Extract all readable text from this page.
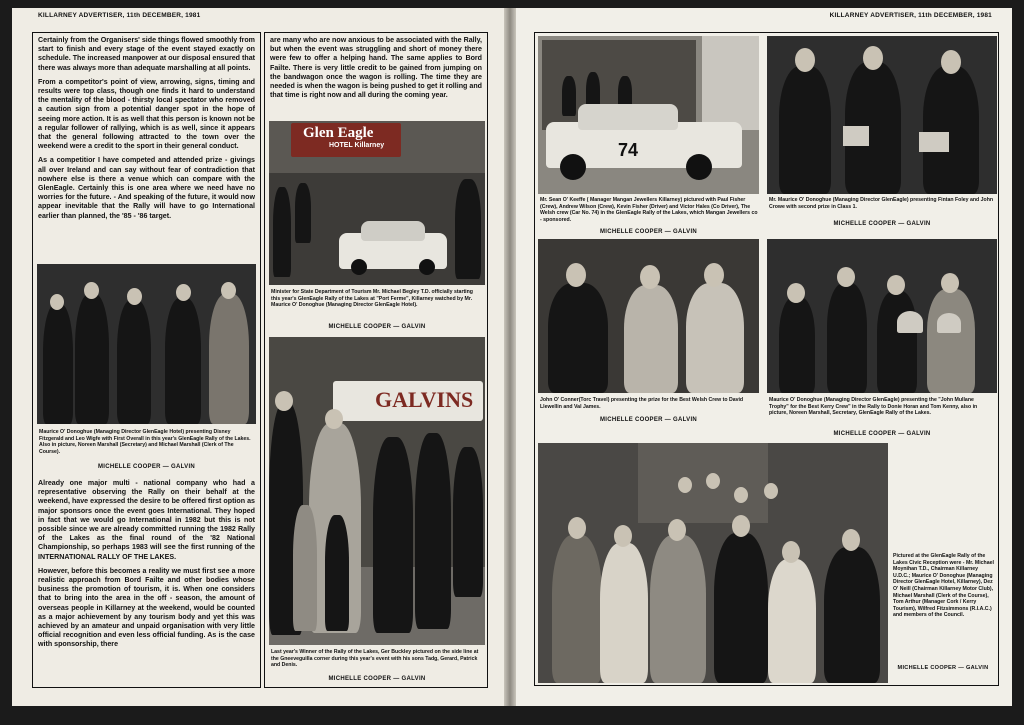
KILLARNEY ADVERTISER, 11th DECEMBER, 1981

Certainly from the Organisers' side things flowed smoothly from start to finish and every stage of the event stayed exactly on schedule. The increased manpower at our disposal ensured that there was always more than adequate marshalling at all points.

From a competitor's point of view, arrowing, signs, timing and results were top class, though one finds it hard to understand the mentality of the blood - thirsty local spectator who removed a caution sign from a potential danger spot in the hope of seeing more action. It is as well that this person is known not be a regular follower of rallying, which is as well, since it appears that the general following attracted to the town over the weekend were a credit to the sport in their general conduct.

As a competitior I have competed and attended prize - givings all over Ireland and can say without fear of contradiction that nowhere else is there a venue which can compare with the GlenEagle. Certainly this is one area where we need have no worries for the future. - And speaking of the future, it would now appear inevitable that the Rally will have to go International earlier than planned, the '85 - '86 target.

Maurice O' Donoghue (Managing Director GlenEagle Hotel) presenting Disney Fitzgerald and Leo Wigfe with First Overall in this year's GlenEagle Rally of the Lakes. Also in picture, Noreen Marshall (Secretary) and Michael Marshall (Clerk of The Course).
MICHELLE COOPER — GALVIN

Already one major multi - national company who had a representative observing the Rally on their behalf at the weekend, have expressed the desire to be offered first option as major sponsors once the event goes International. They hoped in fact that we would go International in 1982 but this is not possible since we are already committed running the 1982 Rally of the Lakes as the final round of the '82 National Championship, so perhaps 1983 will see the first running of the INTERNATIONAL RALLY OF THE LAKES.

However, before this becomes a reality we must first see a more realistic approach from Bord Failte and other bodies whose business the promotion of tourism, it is. When one considers that to bring into the area in the off - season, the amount of overseas people in Killarney at the weekend, would be counted as a major achievement by any tourism body and yet this was achieved by an amateur and unpaid organisation with very little official recognition and even less official funding. As is the case with sponsorship, there

are many who are now anxious to be associated with the Rally, but when the event was struggling and short of money there were few to offer a helping hand. The same applies to Bord Failte. There is very little credit to be gained from jumping on the bandwagon once the wagon is rolling. The time they are needed is when the wagon is being pushed to get it rolling and that time is right now and all during the coming year.
Glen Eagle
HOTEL Killarney
Minister for State Department of Tourism Mr. Michael Begley T.D. officially starting this year's GlenEagle Rally of the Lakes at "Port Ferme", Killarney watched by Mr. Maurice O' Donoghue (Managing Director GlenEagle Hotel).
MICHELLE COOPER — GALVIN
GALVINS
Last year's Winner of the Rally of the Lakes, Ger Buckley pictured on the side line at the Gneeveguilla corner during this year's event with his sons Tadg, Gerard, Patrick and Denis.
MICHELLE COOPER — GALVIN
KILLARNEY ADVERTISER, 11th DECEMBER, 1981
74
Mr. Sean O' Keeffe ( Manager Mangan Jewellers Killarney) pictured with Paul Fisher (Crew), Andrew Wilson (Crew), Kevin Fisher (Driver) and Victor Hales (Co Driver), The Welsh crew (Car No. 74) in the GlenEagle Rally of the Lakes, which Mangan Jewellers co - sponsored.
MICHELLE COOPER — GALVIN
Mr. Maurice O' Donoghue (Managing Director GlenEagle) presenting Fintan Foley and John Crowe with second prize in Class 1.
MICHELLE COOPER — GALVIN
John O' Conner(Torc Travel) presenting the prize for the Best Welsh Crew to David Llewellin and Val James.
MICHELLE COOPER — GALVIN
Maurice O' Donoghue (Managing Director GlenEagle) presenting the "John Mullane Trophy" for the Best Kerry Crew" in the Rally to Donie Horan and Tom Kenny, also in picture, Noreen Marshall, Secretary, GlenEagle Rally of the Lakes.
MICHELLE COOPER — GALVIN
Pictured at the GlenEagle Rally of the Lakes Civic Reception were - Mr. Michael Moynihan T.D., Chairman Killarney U.D.C.; Maurice O' Donoghue (Managing Director GlenEagle Hotel, Killarney), Dez O' Neill (Chairman Killarney Motor Club), Michael Marshall (Clerk of the Course), Tom Arthur (Manager Cork / Kerry Tourism), Wilfred Fitzsimmons (R.I.A.C.) and members of the Council.
MICHELLE COOPER — GALVIN
